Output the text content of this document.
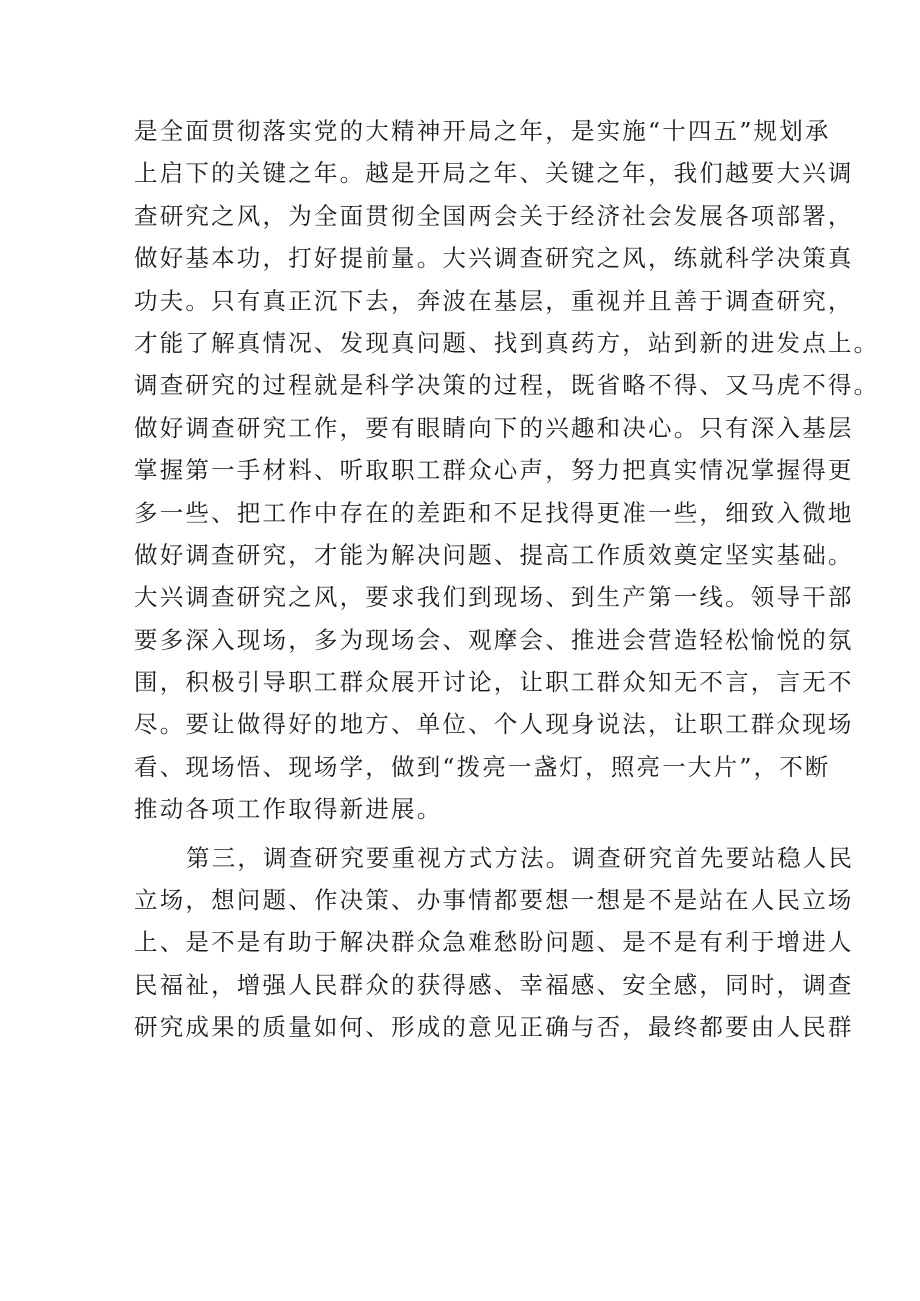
是全面贯彻落实党的大精神开局之年，是实施“十四五”规划承
上启下的关键之年。越是开局之年、关键之年，我们越要大兴调
查研究之风，为全面贯彻全国两会关于经济社会发展各项部署，
做好基本功，打好提前量。大兴调查研究之风，练就科学决策真
功夫。只有真正沉下去，奔波在基层，重视并且善于调查研究，
才能了解真情况、发现真问题、找到真药方，站到新的进发点上。
调查研究的过程就是科学决策的过程，既省略不得、又马虎不得。
做好调查研究工作，要有眼睛向下的兴趣和决心。只有深入基层
掌握第一手材料、听取职工群众心声，努力把真实情况掌握得更
多一些、把工作中存在的差距和不足找得更准一些，细致入微地
做好调查研究，才能为解决问题、提高工作质效奠定坚实基础。
大兴调查研究之风，要求我们到现场、到生产第一线。领导干部
要多深入现场，多为现场会、观摩会、推进会营造轻松愉悦的氛
围，积极引导职工群众展开讨论，让职工群众知无不言，言无不
尽。要让做得好的地方、单位、个人现身说法，让职工群众现场
看、现场悟、现场学，做到“拨亮一盏灯，照亮一大片”，不断
推动各项工作取得新进展。
第三，调查研究要重视方式方法。调查研究首先要站稳人民
立场，想问题、作决策、办事情都要想一想是不是站在人民立场
上、是不是有助于解决群众急难愁盼问题、是不是有利于增进人
民福祉，增强人民群众的获得感、幸福感、安全感，同时，调查
研究成果的质量如何、形成的意见正确与否，最终都要由人民群
